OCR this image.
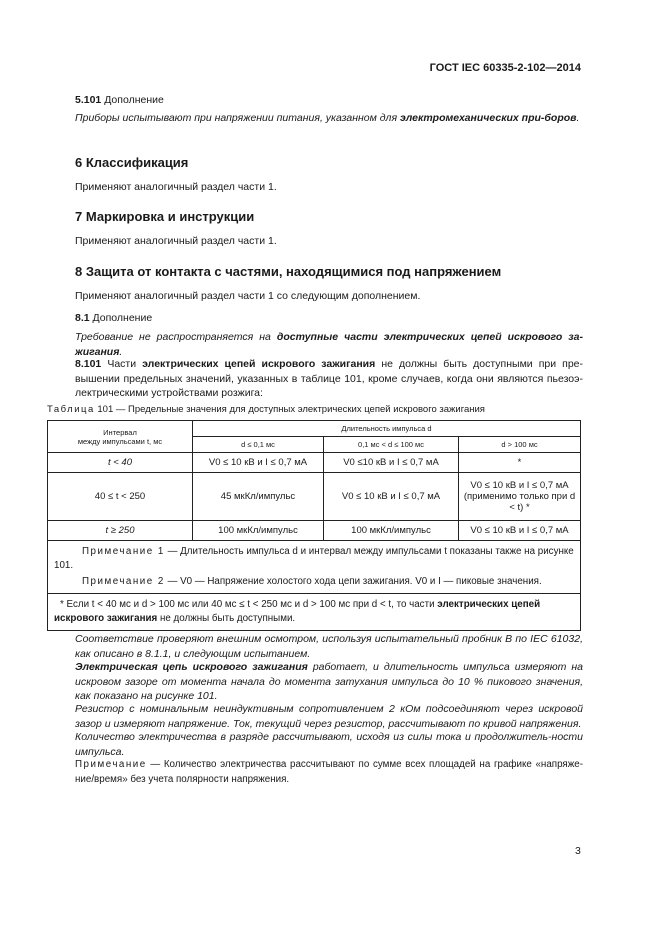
ГОСТ IEC 60335-2-102—2014

5.101 Дополнение

Приборы испытывают при напряжении питания, указанном для электромеханических при-боров.

6 Классификация

Применяют аналогичный раздел части 1.

7 Маркировка и инструкции

Применяют аналогичный раздел части 1.

8 Защита от контакта с частями, находящимися под напряжением

Применяют аналогичный раздел части 1 со следующим дополнением.

8.1 Дополнение

Требование не распространяется на доступные части электрических цепей искрового за-жигания.

8.101 Части электрических цепей искрового зажигания не должны быть доступными при пре-вышении предельных значений, указанных в таблице 101, кроме случаев, когда они являются пьезоэ-лектрическими устройствами розжига:

Таблица 101 — Предельные значения для доступных электрических цепей искрового зажигания

Интервал
между импульсами t, мс	Длительность импульса d		
	d ≤ 0,1 мс	0,1 мс < d ≤ 100 мс	d > 100 мс
t < 40	V0 ≤ 10 кВ и I ≤ 0,7 мА	V0 ≤10 кВ и I ≤ 0,7 мА	*
40 ≤ t < 250	45 мкКл/импульс	V0 ≤ 10 кВ и I ≤ 0,7 мА	V0 ≤ 10 кВ и I ≤ 0,7 мА (применимо только при d < t) *
t ≥ 250	100 мкКл/импульс	100 мкКл/импульс	V0 ≤ 10 кВ и I ≤ 0,7 мА

Примечание 1 — Длительность импульса d и интервал между импульсами t показаны также на рисунке 101.
Примечание 2 — V0 — Напряжение холостого хода цепи зажигания. V0 и I — пиковые значения.			

* Если t < 40 мс и d > 100 мс или 40 мс ≤ t < 250 мс и d > 100 мс при d < t, то части электрических цепей искрового зажигания не должны быть доступными.			

Соответствие проверяют внешним осмотром, используя испытательный пробник B по IEC 61032, как описано в 8.1.1, и следующим испытанием.

Электрическая цепь искрового зажигания работает, и длительность импульса измеряют на искровом зазоре от момента начала до момента затухания импульса до 10 % пикового значения, как показано на рисунке 101.

Резистор с номинальным неиндуктивным сопротивлением 2 кОм подсоединяют через искровой зазор и измеряют напряжение. Ток, текущий через резистор, рассчитывают по кривой напряжения.

Количество электричества в разряде рассчитывают, исходя из силы тока и продолжитель-ности импульса.

Примечание — Количество электричества рассчитывают по сумме всех площадей на графике «напряже-ние/время» без учета полярности напряжения.

3
